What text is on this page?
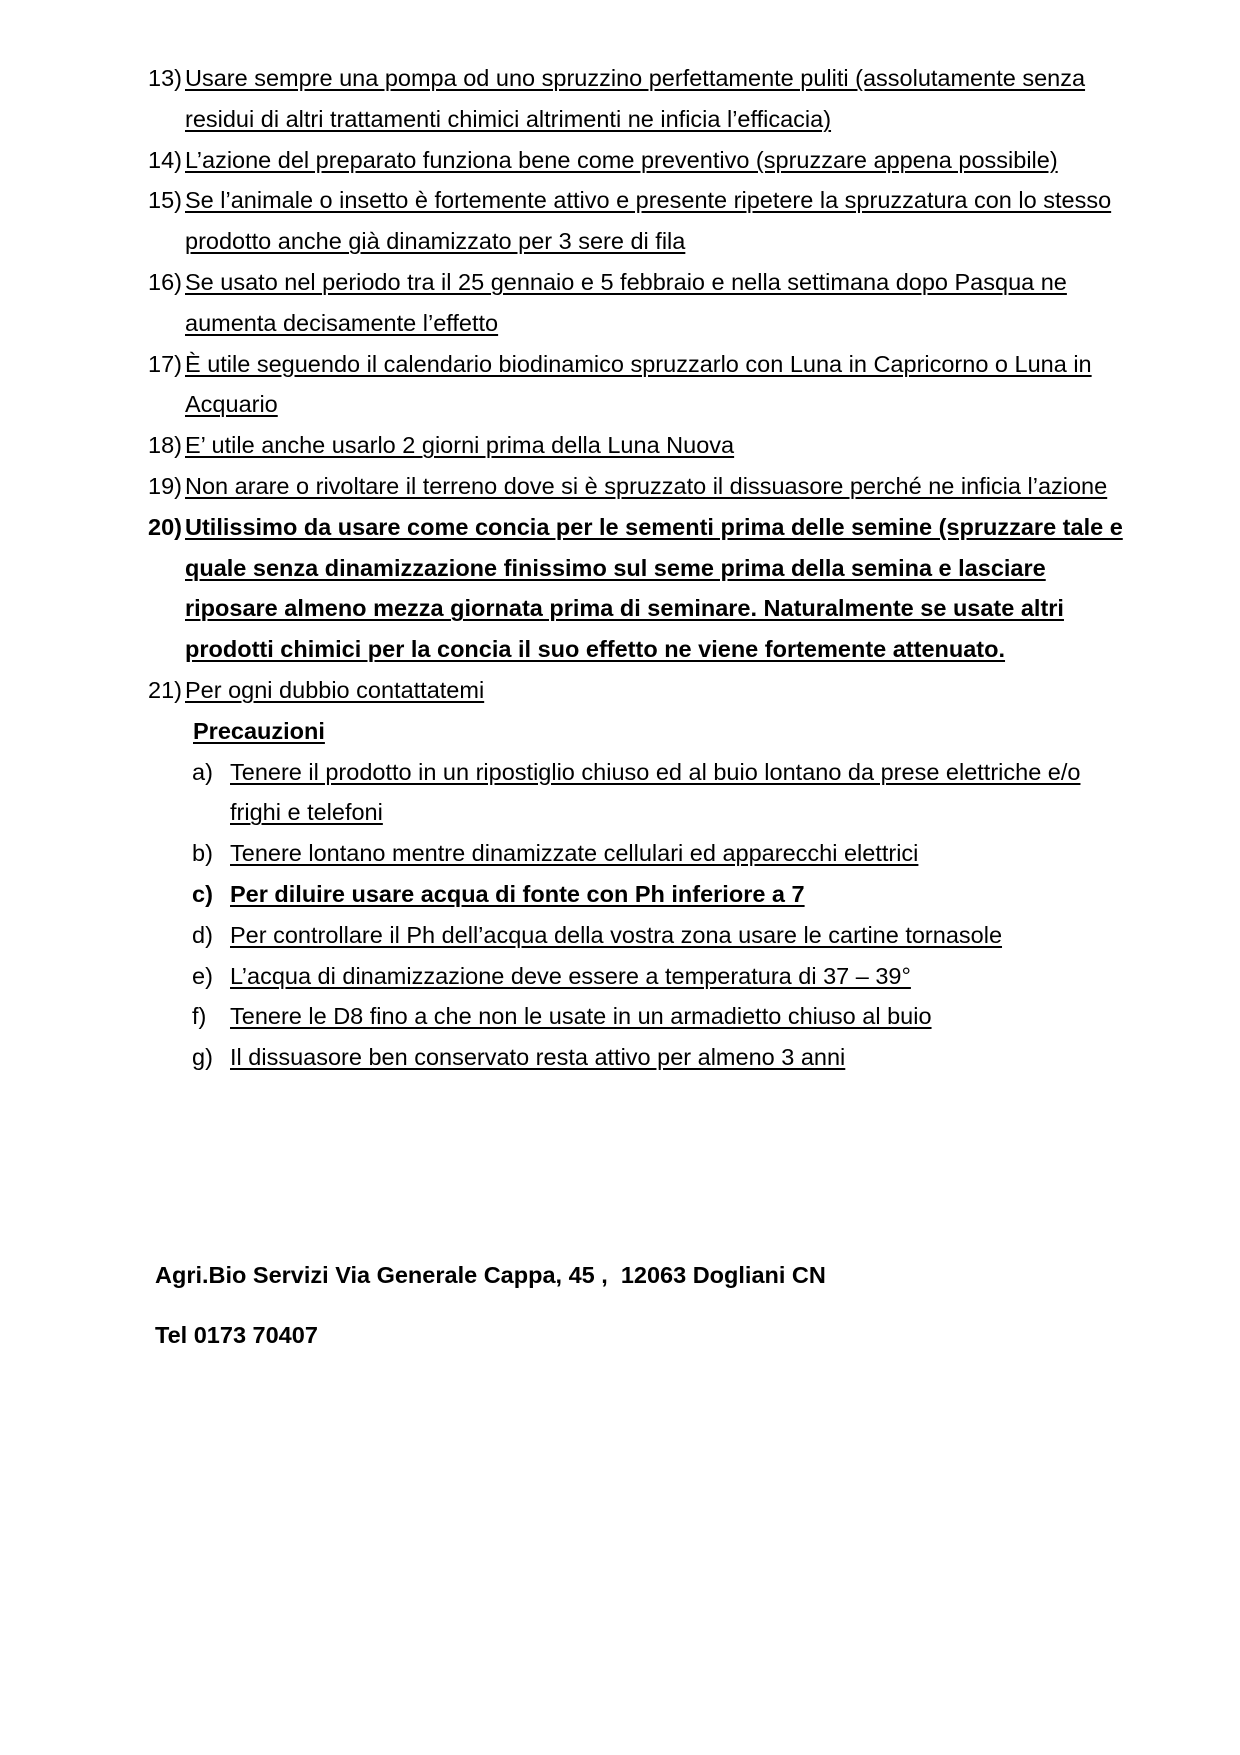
13) Usare sempre una pompa od uno spruzzino perfettamente puliti (assolutamente senza residui di altri trattamenti chimici altrimenti ne inficia l’efficacia)
14) L’azione del preparato funziona bene come preventivo (spruzzare appena possibile)
15) Se l’animale o insetto è fortemente attivo e presente ripetere la spruzzatura con lo stesso prodotto anche già dinamizzato per 3 sere di fila
16) Se usato nel periodo tra il 25 gennaio e 5 febbraio e nella settimana dopo Pasqua ne aumenta decisamente l’effetto
17) È utile seguendo il calendario biodinamico spruzzarlo con Luna in Capricorno o Luna in Acquario
18) E’ utile anche usarlo 2 giorni prima della Luna Nuova
19) Non arare o rivoltare il terreno dove si è spruzzato il dissuasore perché ne inficia l’azione
20) Utilissimo da usare come concia per le sementi prima delle semine (spruzzare tale e quale senza dinamizzazione finissimo sul seme prima della semina e lasciare riposare almeno mezza giornata prima di seminare. Naturalmente se usate altri prodotti chimici per la concia il suo effetto ne viene fortemente attenuato.
21) Per ogni dubbio contattatemi
Precauzioni
a) Tenere il prodotto in un ripostiglio chiuso ed al buio lontano da prese elettriche e/o frighi e telefoni
b) Tenere lontano mentre dinamizzate cellulari ed apparecchi elettrici
c) Per diluire usare acqua di fonte con Ph inferiore a 7
d) Per controllare il Ph dell’acqua della vostra zona usare le cartine tornasole
e) L’acqua di dinamizzazione deve essere a temperatura di 37 – 39°
f) Tenere le D8 fino a che non le usate in un armadietto chiuso al buio
g) Il dissuasore ben conservato resta attivo per almeno 3 anni
Agri.Bio Servizi Via Generale Cappa, 45 ,  12063 Dogliani CN
Tel 0173 70407
